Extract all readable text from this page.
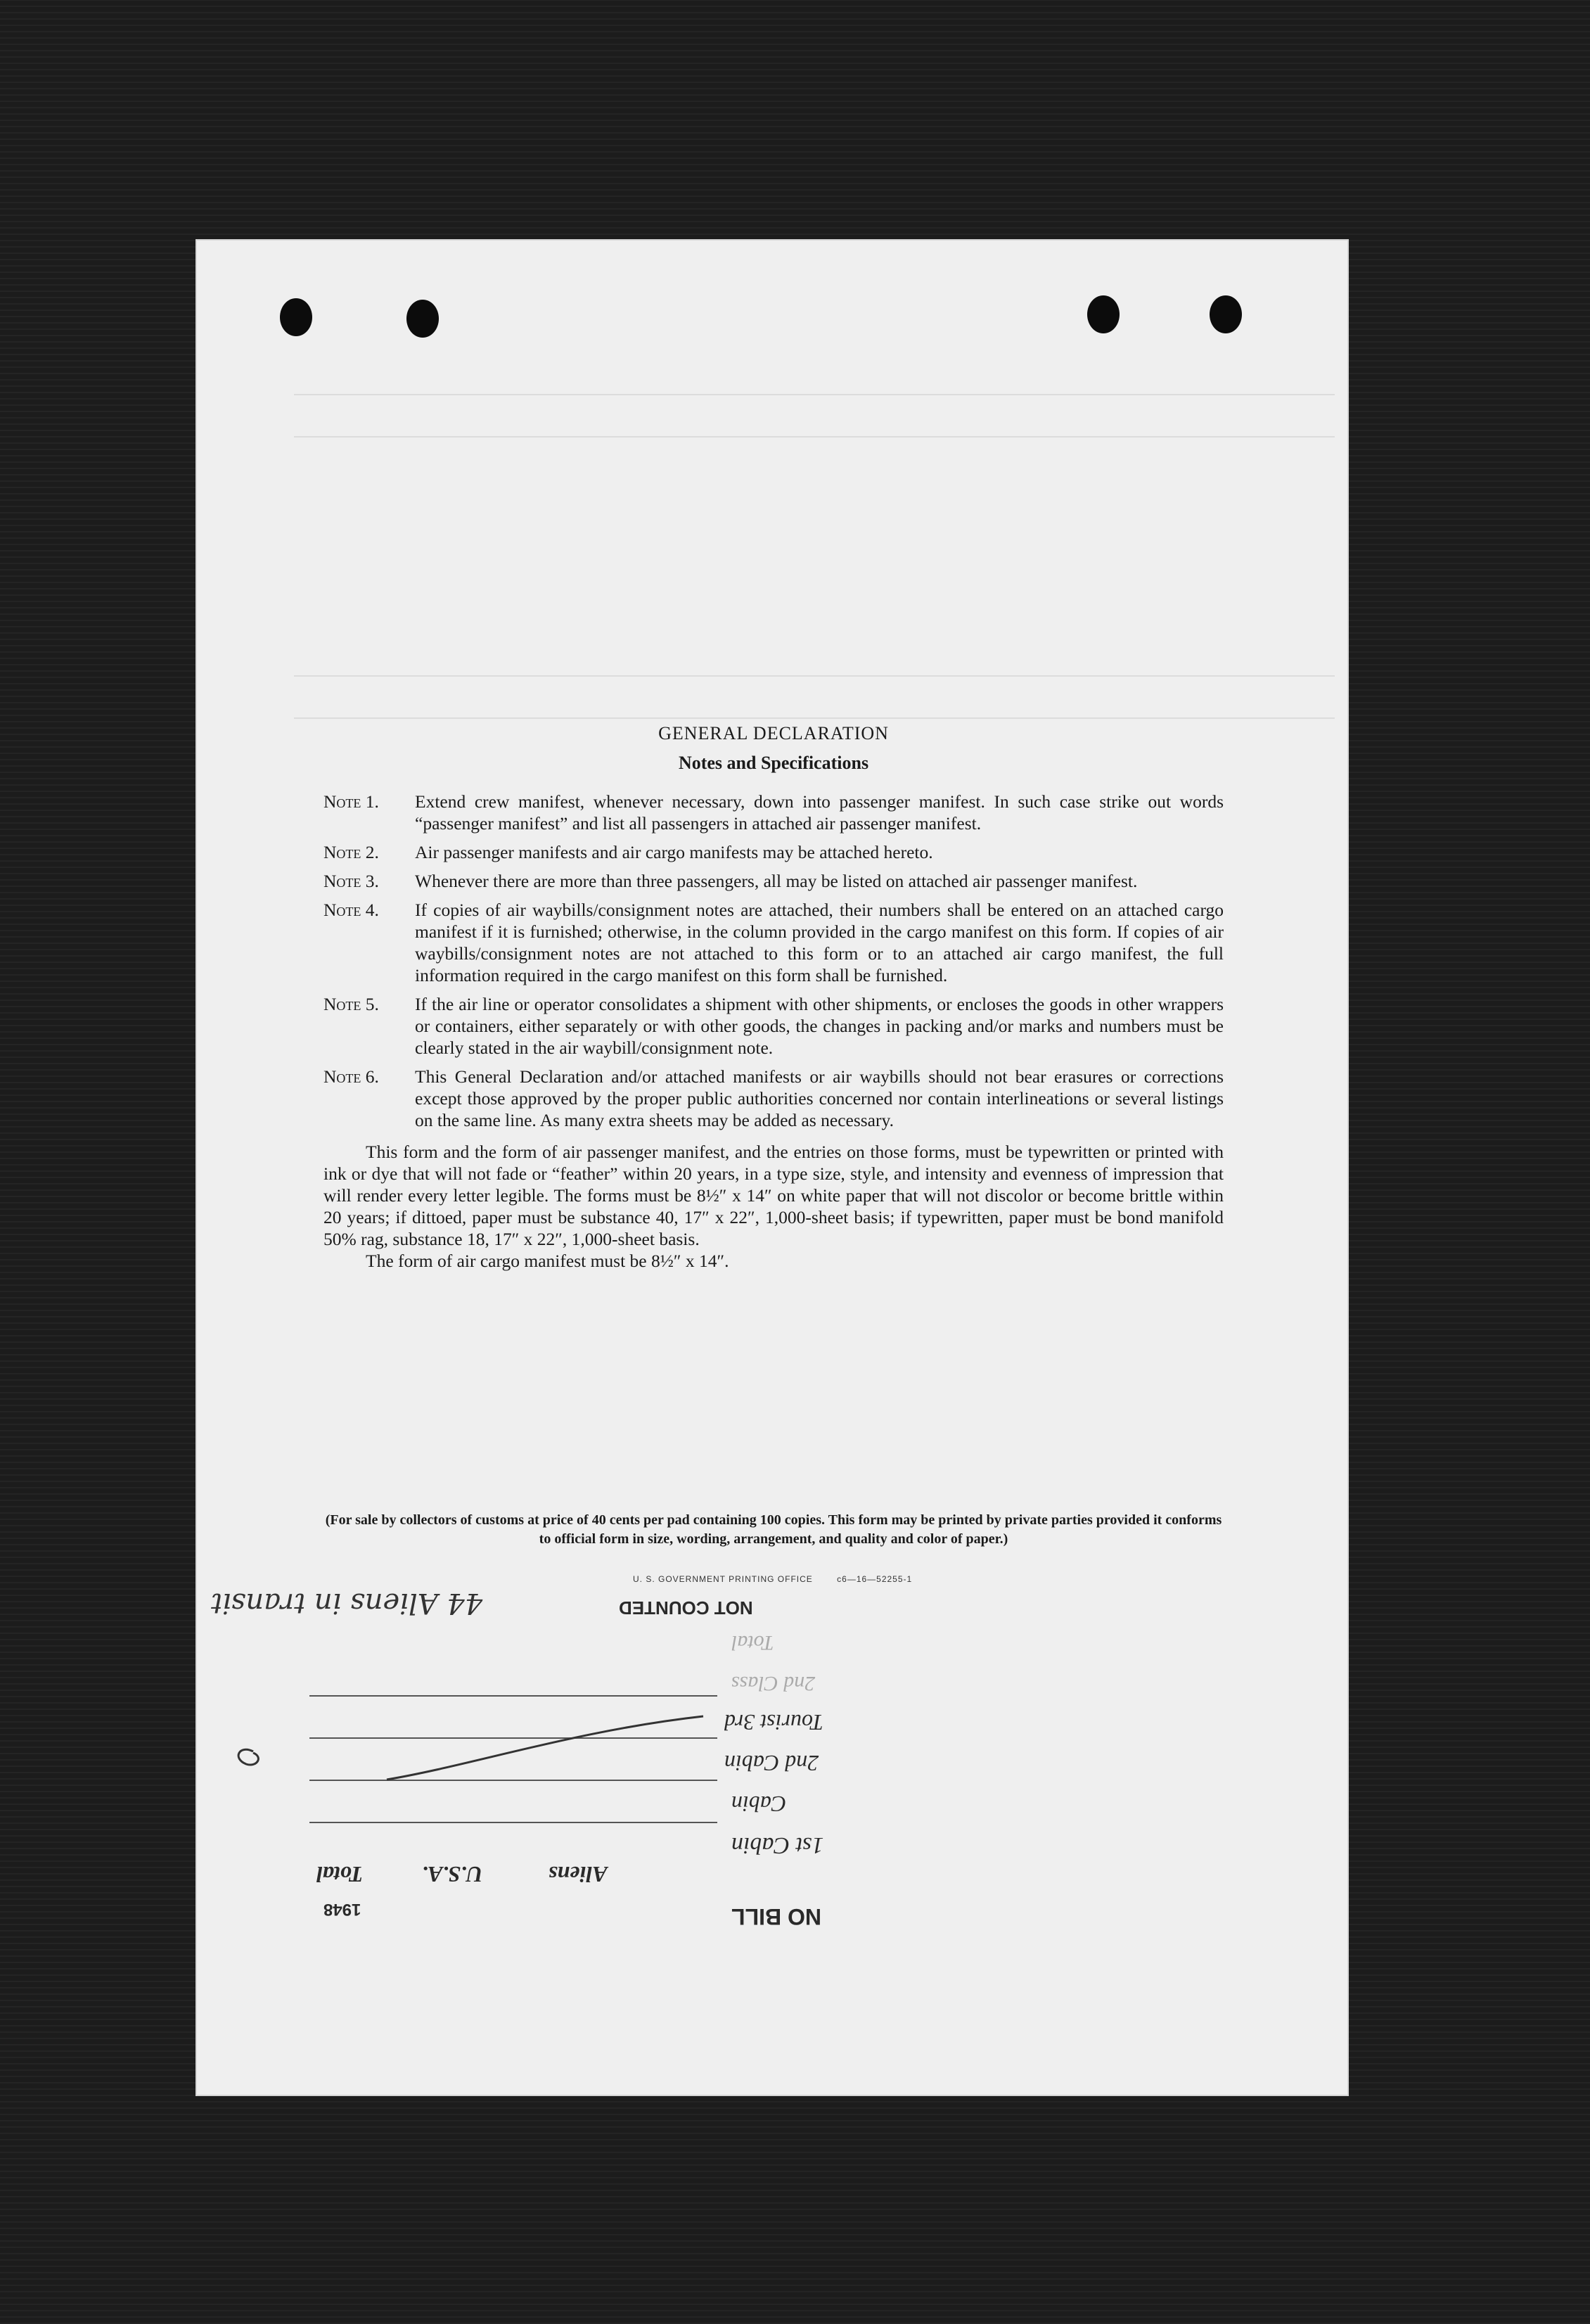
GENERAL DECLARATION
Notes and Specifications
Note 1.	Extend crew manifest, whenever necessary, down into passenger manifest. In such case strike out words “passenger manifest” and list all passengers in attached air passenger manifest.
Note 2.	Air passenger manifests and air cargo manifests may be attached hereto.
Note 3.	Whenever there are more than three passengers, all may be listed on attached air passenger manifest.
Note 4.	If copies of air waybills/consignment notes are attached, their numbers shall be entered on an attached cargo manifest if it is furnished; otherwise, in the column provided in the cargo manifest on this form. If copies of air waybills/consignment notes are not attached to this form or to an attached air cargo manifest, the full information required in the cargo manifest on this form shall be furnished.
Note 5.	If the air line or operator consolidates a shipment with other shipments, or encloses the goods in other wrappers or containers, either separately or with other goods, the changes in packing and/or marks and numbers must be clearly stated in the air waybill/consignment note.
Note 6.	This General Declaration and/or attached manifests or air waybills should not bear erasures or corrections except those approved by the proper public authorities concerned nor contain interlineations or several listings on the same line. As many extra sheets may be added as necessary.
This form and the form of air passenger manifest, and the entries on those forms, must be typewritten or printed with ink or dye that will not fade or “feather” within 20 years, in a type size, style, and intensity and evenness of impression that will render every letter legible. The forms must be 8½″ x 14″ on white paper that will not discolor or become brittle within 20 years; if dittoed, paper must be substance 40, 17″ x 22″, 1,000-sheet basis; if typewritten, paper must be bond manifold 50% rag, substance 18, 17″ x 22″, 1,000-sheet basis.
The form of air cargo manifest must be 8½″ x 14″.
(For sale by collectors of customs at price of 40 cents per pad containing 100 copies. This form may be printed by private parties provided it conforms to official form in size, wording, arrangement, and quality and color of paper.)
U. S. GOVERNMENT PRINTING OFFICE	c6—16—52255-1
NOT COUNTED
44 Aliens in transit
Total
2nd Class
Tourist 3rd
2nd Cabin
Cabin
1st Cabin
Aliens
U.S.A.
Total
NO BILL
1948
